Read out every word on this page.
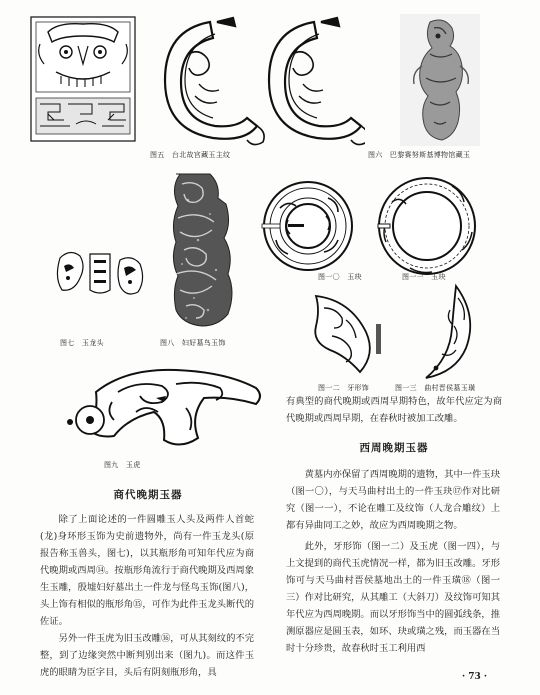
图五　台北故宫藏玉主纹	图六　巴黎赛努斯基博物馆藏玉
图八　妇好墓鸟玉饰
图七　玉龙头
图一〇　玉玦	图一一　玉玦
图一二　牙形饰	图一三　曲村晋侯墓玉璜
图九　玉虎

有典型的商代晚期或西周早期特色，故年代应定为商代晚期或西周早期，在春秋时被加工改雕。

西周晚期玉器
商代晚期玉器

除了上面论述的一件圆雕玉人头及两件人首蛇(龙)身环形玉饰为史前遗物外，尚有一件玉龙头(原报告称玉兽头，图七)，以其瓶形角可知年代应为商代晚期或西周⑭。按瓶形角流行于商代晚期及西周象生玉雕，殷墟妇好墓出土一件龙与怪鸟玉饰(图八)，头上饰有相似的瓶形角⑮，可作为此件玉龙头断代的佐证。

另外一件玉虎为旧玉改雕⑯，可从其刻纹的不完整，到了边缘突然中断判别出来（图九)。而这件玉虎的眼睛为臣字目，头后有阴刻瓶形角，具

黄墓内亦保留了西周晚期的遗物，其中一件玉玦（图一〇），与天马曲村出土的一件玉玦⑰作对比研究（图一一），不论在雕工及纹饰（人龙合雕纹）上都有异曲同工之妙，故应为西周晚期之物。

此外，牙形饰（图一二）及玉虎（图一四），与上文提到的商代玉虎情况一样，都为旧玉改雕。牙形饰可与天马曲村晋侯墓地出土的一件玉璜⑱（图一三）作对比研究，从其雕工（大斜刀）及纹饰可知其年代应为西周晚期。而以牙形饰当中的圆弧线条，推测原器应是圆玉表，如环、玦或璜之残，而玉器在当时十分珍贵，故春秋时玉工利用西

· 73 ·
